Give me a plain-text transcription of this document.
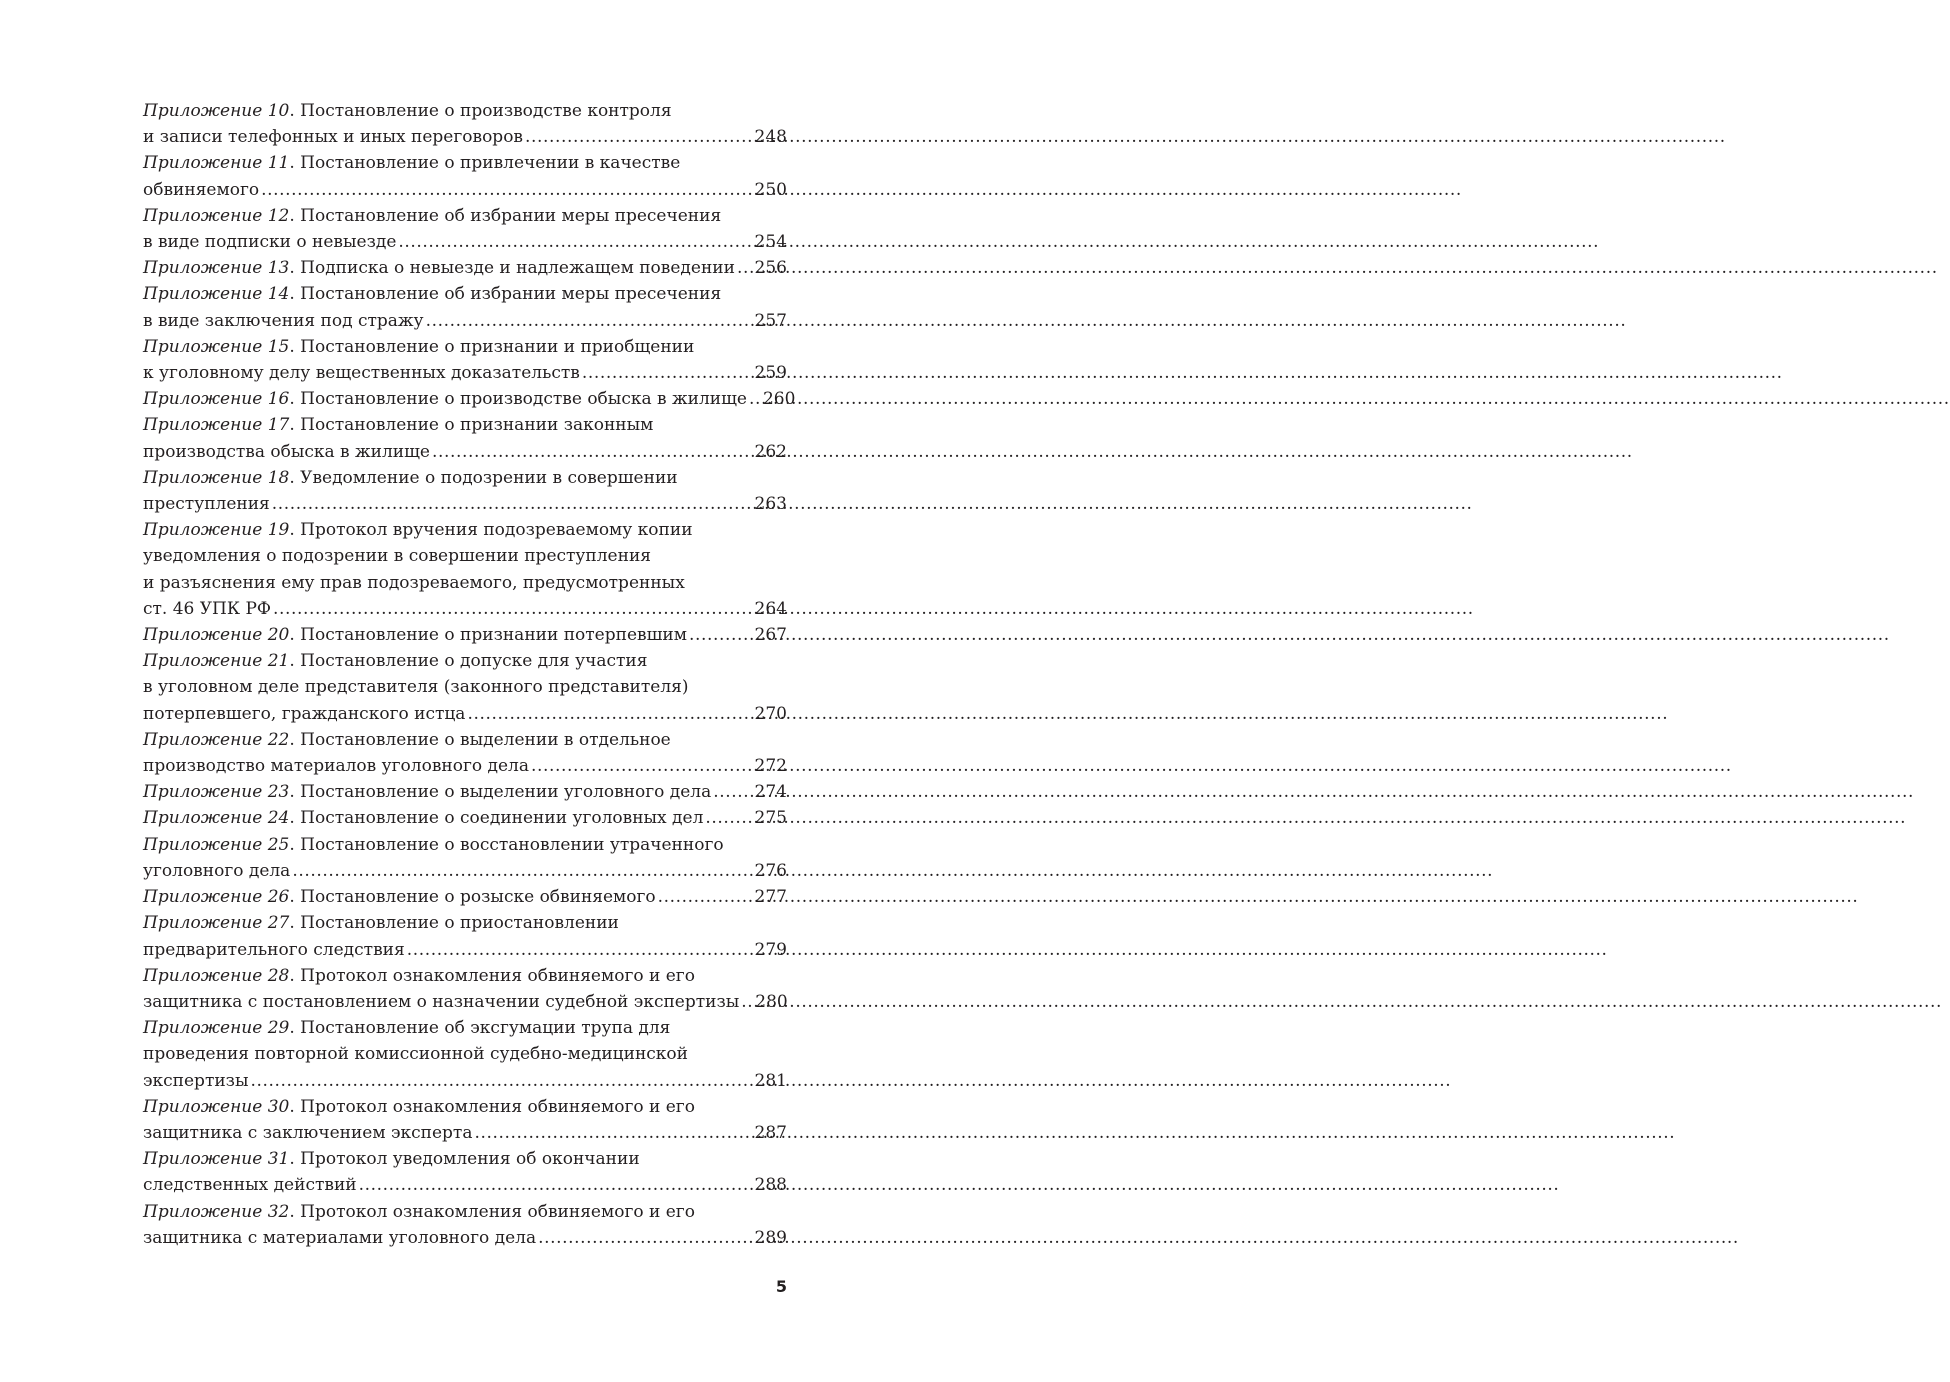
Приложение 10. Постановление о производстве контроля
и записи телефонных и иных переговоров .....	248
Приложение 11. Постановление о привлечении в качестве
обвиняемого .....	250
Приложение 12. Постановление об избрании меры пресечения
в виде подписки о невыезде .....	254
Приложение 13. Подписка о невыезде и надлежащем поведении ..... 256
Приложение 14. Постановление об избрании меры пресечения
в виде заключения под стражу .....	257
Приложение 15. Постановление о признании и приобщении
к уголовному делу вещественных доказательств .....	259
Приложение 16. Постановление о производстве обыска в жилище ..... 260
Приложение 17. Постановление о признании законным
производства обыска в жилище .....	262
Приложение 18. Уведомление о подозрении в совершении
преступления .....	263
Приложение 19. Протокол вручения подозреваемому копии
уведомления о подозрении в совершении преступления
и разъяснения ему прав подозреваемого, предусмотренных
ст. 46 УПК РФ .....	264
Приложение 20. Постановление о признании потерпевшим .....	267
Приложение 21. Постановление о допуске для участия
в уголовном деле представителя (законного представителя)
потерпевшего, гражданского истца .....	270
Приложение 22. Постановление о выделении в отдельное
производство материалов уголовного дела .....	272
Приложение 23. Постановление о выделении уголовного дела .....	274
Приложение 24. Постановление о соединении уголовных дел .....	275
Приложение 25. Постановление о восстановлении утраченного
уголовного дела .....	276
Приложение 26. Постановление о розыске обвиняемого .....	277
Приложение 27. Постановление о приостановлении
предварительного следствия .....	279
Приложение 28. Протокол ознакомления обвиняемого и его
защитника с постановлением о назначении судебной экспертизы ..... 280
Приложение 29. Постановление об эксгумации трупа для
проведения повторной комиссионной судебно-медицинской
экспертизы .....	281
Приложение 30. Протокол ознакомления обвиняемого и его
защитника с заключением эксперта .....	287
Приложение 31. Протокол уведомления об окончании
следственных действий .....	288
Приложение 32. Протокол ознакомления обвиняемого и его
защитника с материалами уголовного дела .....	289
5
